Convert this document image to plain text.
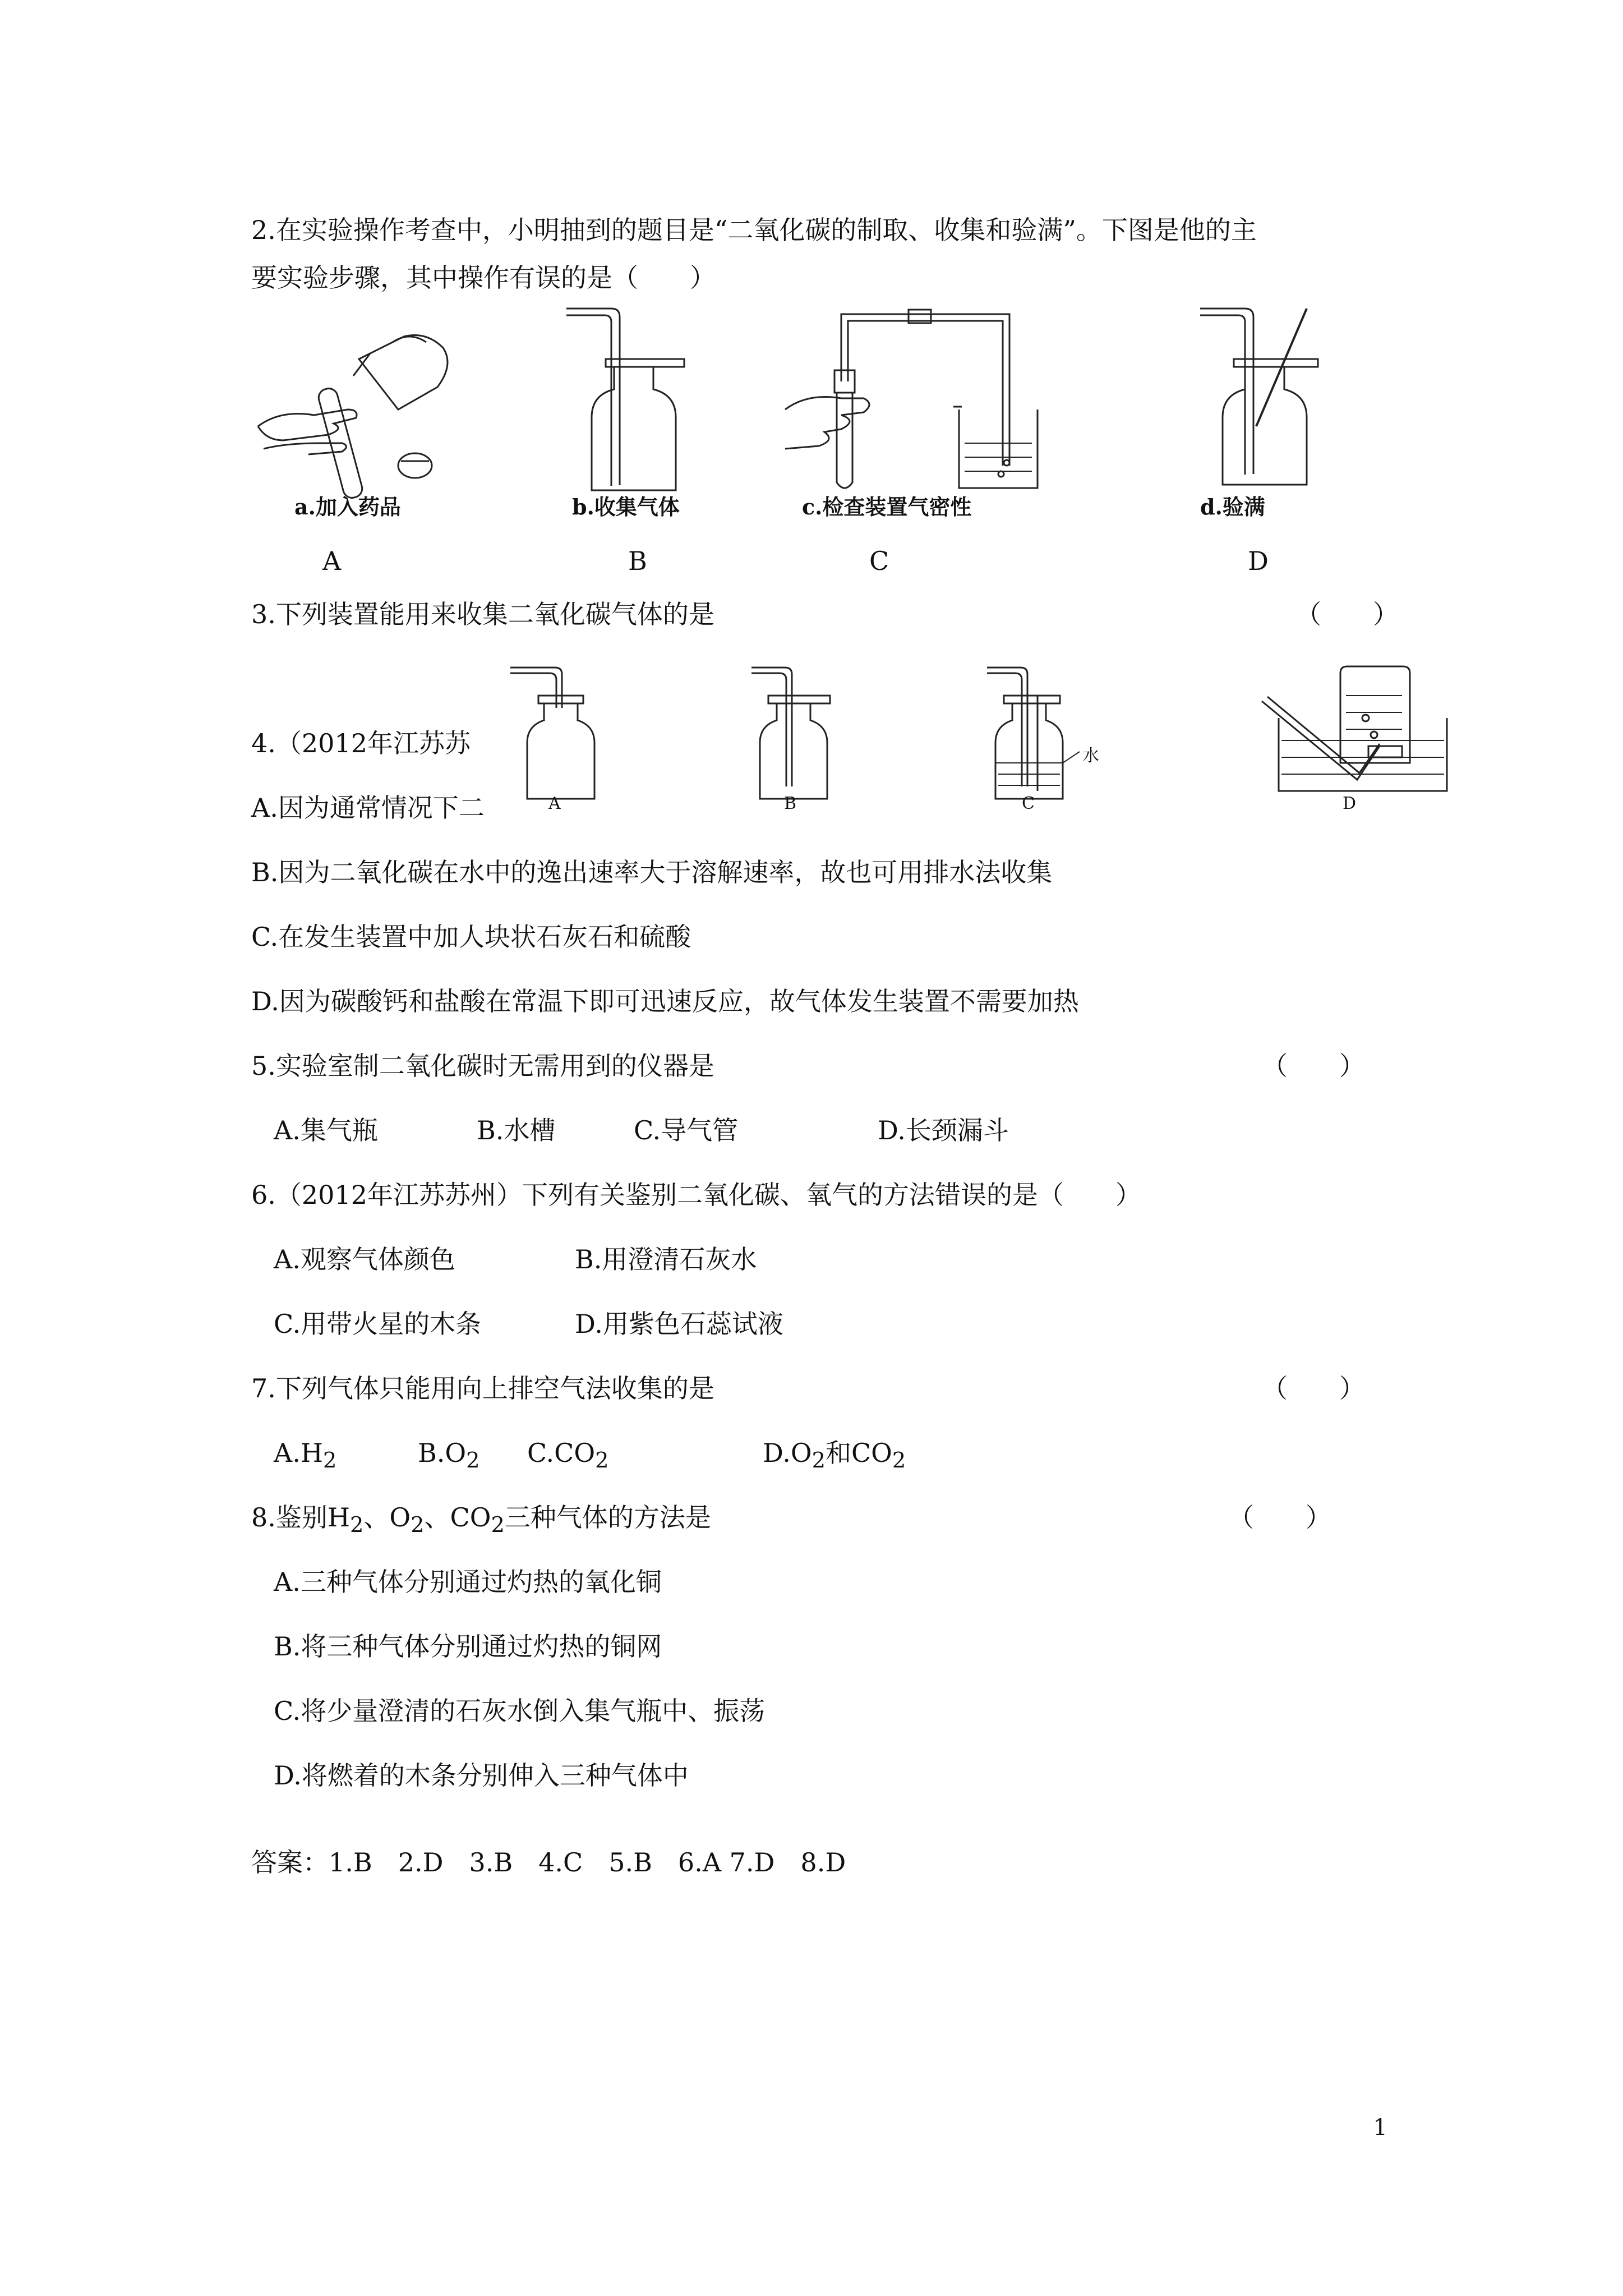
2.在实验操作考查中，小明抽到的题目是“二氧化碳的制取、收集和验满”。下图是他的主
要实验步骤，其中操作有误的是（　　）
a.加入药品
A
b.收集气体
B
c.检查装置气密性
C
d.验满
D
3.下列装置能用来收集二氧化碳气体的是	（　　）
4.（2012年江苏苏
A	B
水
C	D
A.因为通常情况下二
B.因为二氧化碳在水中的逸出速率大于溶解速率，故也可用排水法收集
C.在发生装置中加人块状石灰石和硫酸
D.因为碳酸钙和盐酸在常温下即可迅速反应，故气体发生装置不需要加热
5.实验室制二氧化碳时无需用到的仪器是	（　　）
A.集气瓶	B.水槽	C.导气管	D.长颈漏斗
6.（2012年江苏苏州）下列有关鉴别二氧化碳、氧气的方法错误的是（　　）
A.观察气体颜色	B.用澄清石灰水
C.用带火星的木条	D.用紫色石蕊试液
7.下列气体只能用向上排空气法收集的是	（　　）
$A.H_2$	$B.O_2$ $C.CO_2$	$D.O_2$和$CO_2$
8.鉴别$H_2$、$O_2$、$CO_2$三种气体的方法是	（　　）
A.三种气体分别通过灼热的氧化铜
B.将三种气体分别通过灼热的铜网
C.将少量澄清的石灰水倒入集气瓶中、振荡
D.将燃着的木条分别伸入三种气体中
答案：1.B　2.D　3.B　4.C　5.B　6.A 7.D　8.D
1
